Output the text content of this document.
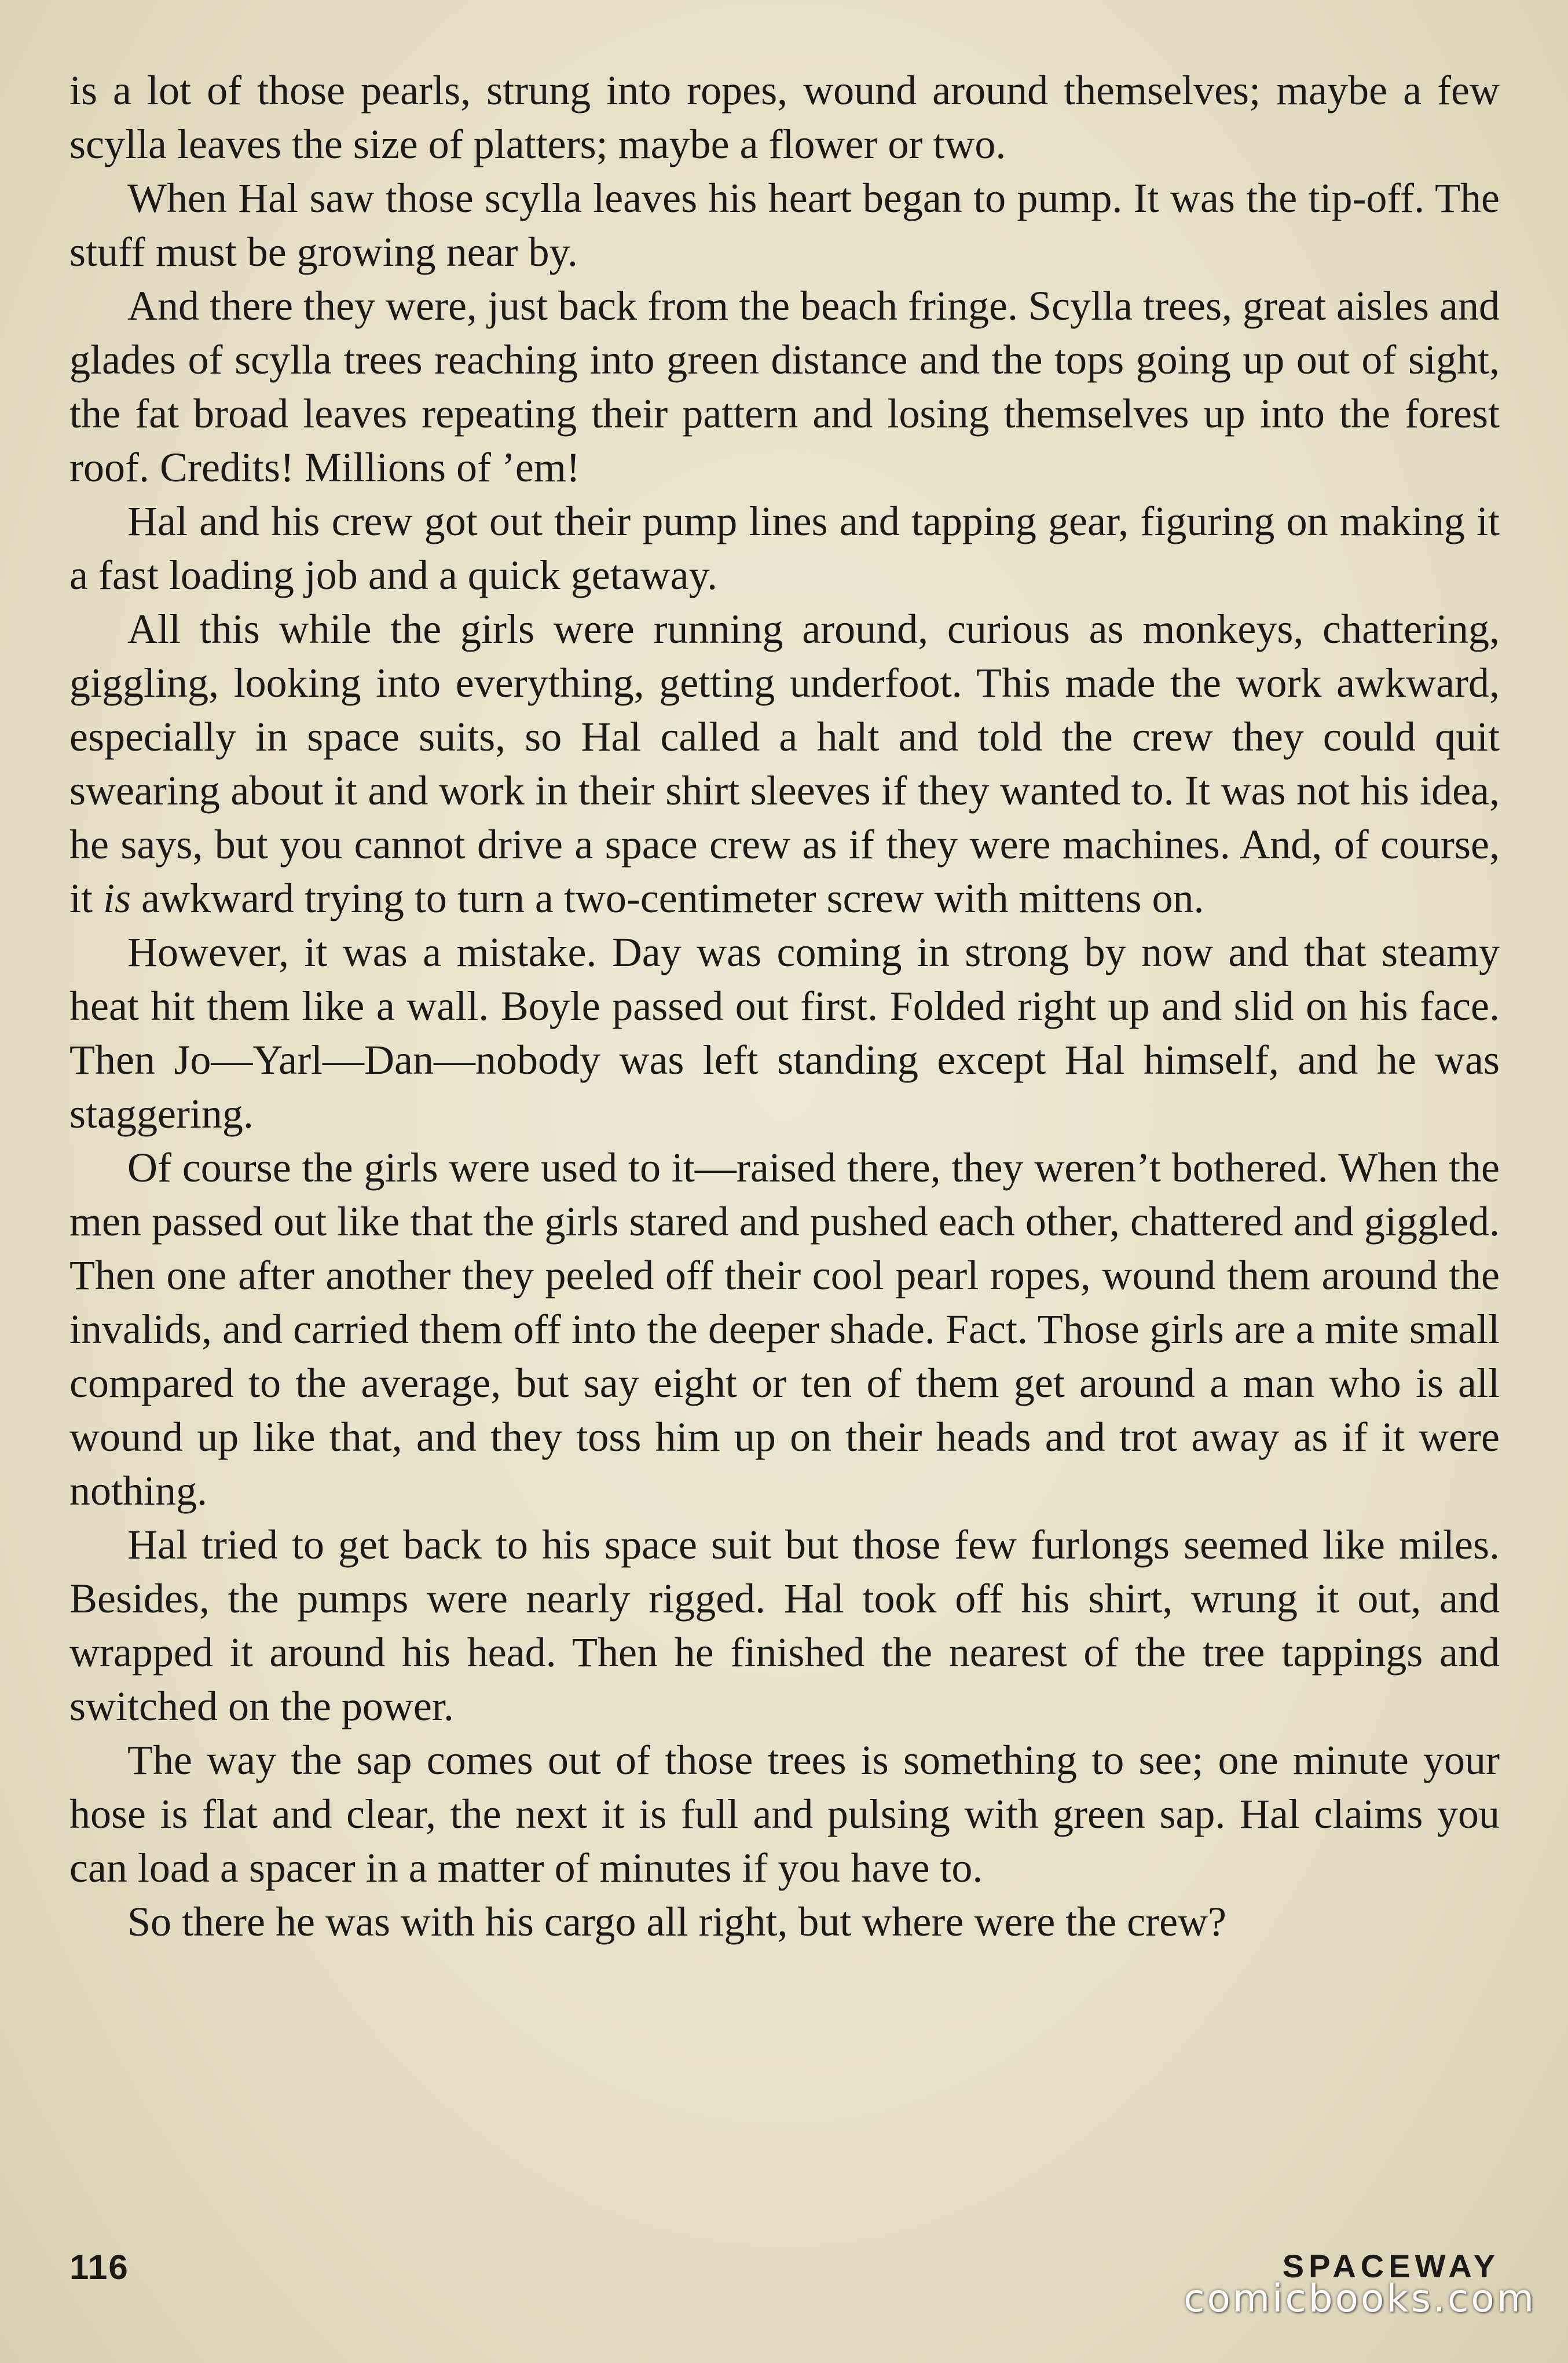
is a lot of those pearls, strung into ropes, wound around themselves; maybe a few scylla leaves the size of platters; maybe a flower or two.

When Hal saw those scylla leaves his heart began to pump. It was the tip-off. The stuff must be growing near by.

And there they were, just back from the beach fringe. Scylla trees, great aisles and glades of scylla trees reaching into green distance and the tops going up out of sight, the fat broad leaves repeating their pattern and losing themselves up into the forest roof. Credits! Millions of ’em!

Hal and his crew got out their pump lines and tapping gear, figuring on making it a fast loading job and a quick getaway.

All this while the girls were running around, curious as monkeys, chattering, giggling, looking into everything, getting underfoot. This made the work awkward, especially in space suits, so Hal called a halt and told the crew they could quit swearing about it and work in their shirt sleeves if they wanted to. It was not his idea, he says, but you cannot drive a space crew as if they were machines. And, of course, it is awkward trying to turn a two-centimeter screw with mittens on.

However, it was a mistake. Day was coming in strong by now and that steamy heat hit them like a wall. Boyle passed out first. Folded right up and slid on his face. Then Jo—Yarl—Dan—nobody was left standing except Hal himself, and he was staggering.

Of course the girls were used to it—raised there, they weren’t bothered. When the men passed out like that the girls stared and pushed each other, chattered and giggled. Then one after another they peeled off their cool pearl ropes, wound them around the invalids, and carried them off into the deeper shade. Fact. Those girls are a mite small compared to the average, but say eight or ten of them get around a man who is all wound up like that, and they toss him up on their heads and trot away as if it were nothing.

Hal tried to get back to his space suit but those few furlongs seemed like miles. Besides, the pumps were nearly rigged. Hal took off his shirt, wrung it out, and wrapped it around his head. Then he finished the nearest of the tree tappings and switched on the power.

The way the sap comes out of those trees is something to see; one minute your hose is flat and clear, the next it is full and pulsing with green sap. Hal claims you can load a spacer in a matter of minutes if you have to.

So there he was with his cargo all right, but where were the crew?

116	SPACEWAY
comicbooks.com
